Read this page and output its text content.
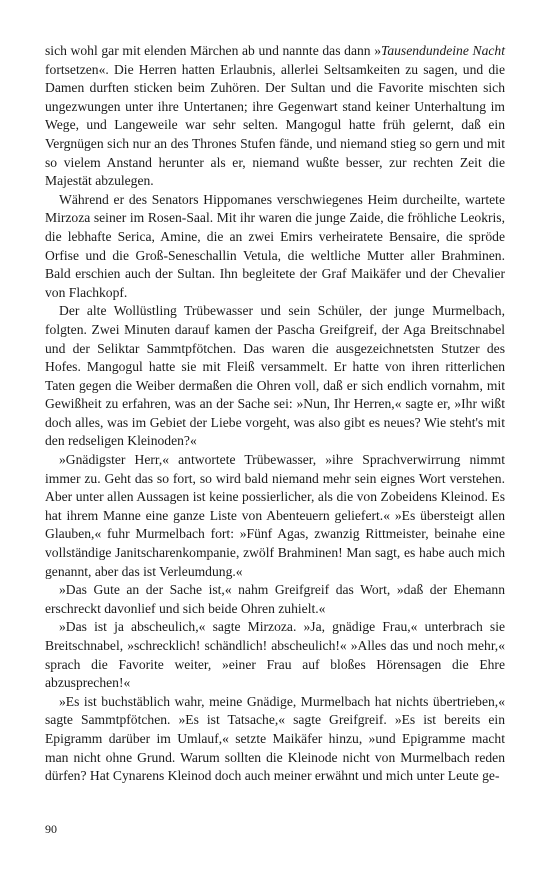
sich wohl gar mit elenden Märchen ab und nannte das dann »Tausendundeine Nacht fortsetzen«. Die Herren hatten Erlaubnis, allerlei Seltsamkeiten zu sagen, und die Damen durften sticken beim Zuhören. Der Sultan und die Favorite mischten sich ungezwungen unter ihre Untertanen; ihre Gegenwart stand keiner Unterhaltung im Wege, und Langeweile war sehr selten. Mangogul hatte früh gelernt, daß ein Vergnügen sich nur an des Thrones Stufen fände, und niemand stieg so gern und mit so vielem Anstand herunter als er, niemand wußte besser, zur rechten Zeit die Majestät abzulegen.

Während er des Senators Hippomanes verschwiegenes Heim durcheilte, wartete Mirzoza seiner im Rosen-Saal. Mit ihr waren die junge Zaide, die fröhliche Leokris, die lebhafte Serica, Amine, die an zwei Emirs verheiratete Bensaire, die spröde Orfise und die Groß-Seneschallin Vetula, die weltliche Mutter aller Brahminen. Bald erschien auch der Sultan. Ihn begleitete der Graf Maikäfer und der Chevalier von Flachkopf.

Der alte Wollüstling Trübewasser und sein Schüler, der junge Murmelbach, folgten. Zwei Minuten darauf kamen der Pascha Greifgreif, der Aga Breitschnabel und der Seliktar Sammtpfötchen. Das waren die ausgezeichnetsten Stutzer des Hofes. Mangogul hatte sie mit Fleiß versammelt. Er hatte von ihren ritterlichen Taten gegen die Weiber dermaßen die Ohren voll, daß er sich endlich vornahm, mit Gewißheit zu erfahren, was an der Sache sei: »Nun, Ihr Herren,« sagte er, »Ihr wißt doch alles, was im Gebiet der Liebe vorgeht, was also gibt es neues? Wie steht's mit den redseligen Kleinoden?«

»Gnädigster Herr,« antwortete Trübewasser, »ihre Sprachverwirrung nimmt immer zu. Geht das so fort, so wird bald niemand mehr sein eignes Wort verstehen. Aber unter allen Aussagen ist keine possierlicher, als die von Zobeidens Kleinod. Es hat ihrem Manne eine ganze Liste von Abenteuern geliefert.« »Es übersteigt allen Glauben,« fuhr Murmelbach fort: »Fünf Agas, zwanzig Rittmeister, beinahe eine vollständige Janitscharenkompanie, zwölf Brahminen! Man sagt, es habe auch mich genannt, aber das ist Verleumdung.«

»Das Gute an der Sache ist,« nahm Greifgreif das Wort, »daß der Ehemann erschreckt davonlief und sich beide Ohren zuhielt.«

»Das ist ja abscheulich,« sagte Mirzoza. »Ja, gnädige Frau,« unterbrach sie Breitschnabel, »schrecklich! schändlich! abscheulich!« »Alles das und noch mehr,« sprach die Favorite weiter, »einer Frau auf bloßes Hörensagen die Ehre abzusprechen!«

»Es ist buchstäblich wahr, meine Gnädige, Murmelbach hat nichts übertrieben,« sagte Sammtpfötchen. »Es ist Tatsache,« sagte Greifgreif. »Es ist bereits ein Epigramm darüber im Umlauf,« setzte Maikäfer hinzu, »und Epigramme macht man nicht ohne Grund. Warum sollten die Kleinode nicht von Murmelbach reden dürfen? Hat Cynarens Kleinod doch auch meiner erwähnt und mich unter Leute ge-

90
